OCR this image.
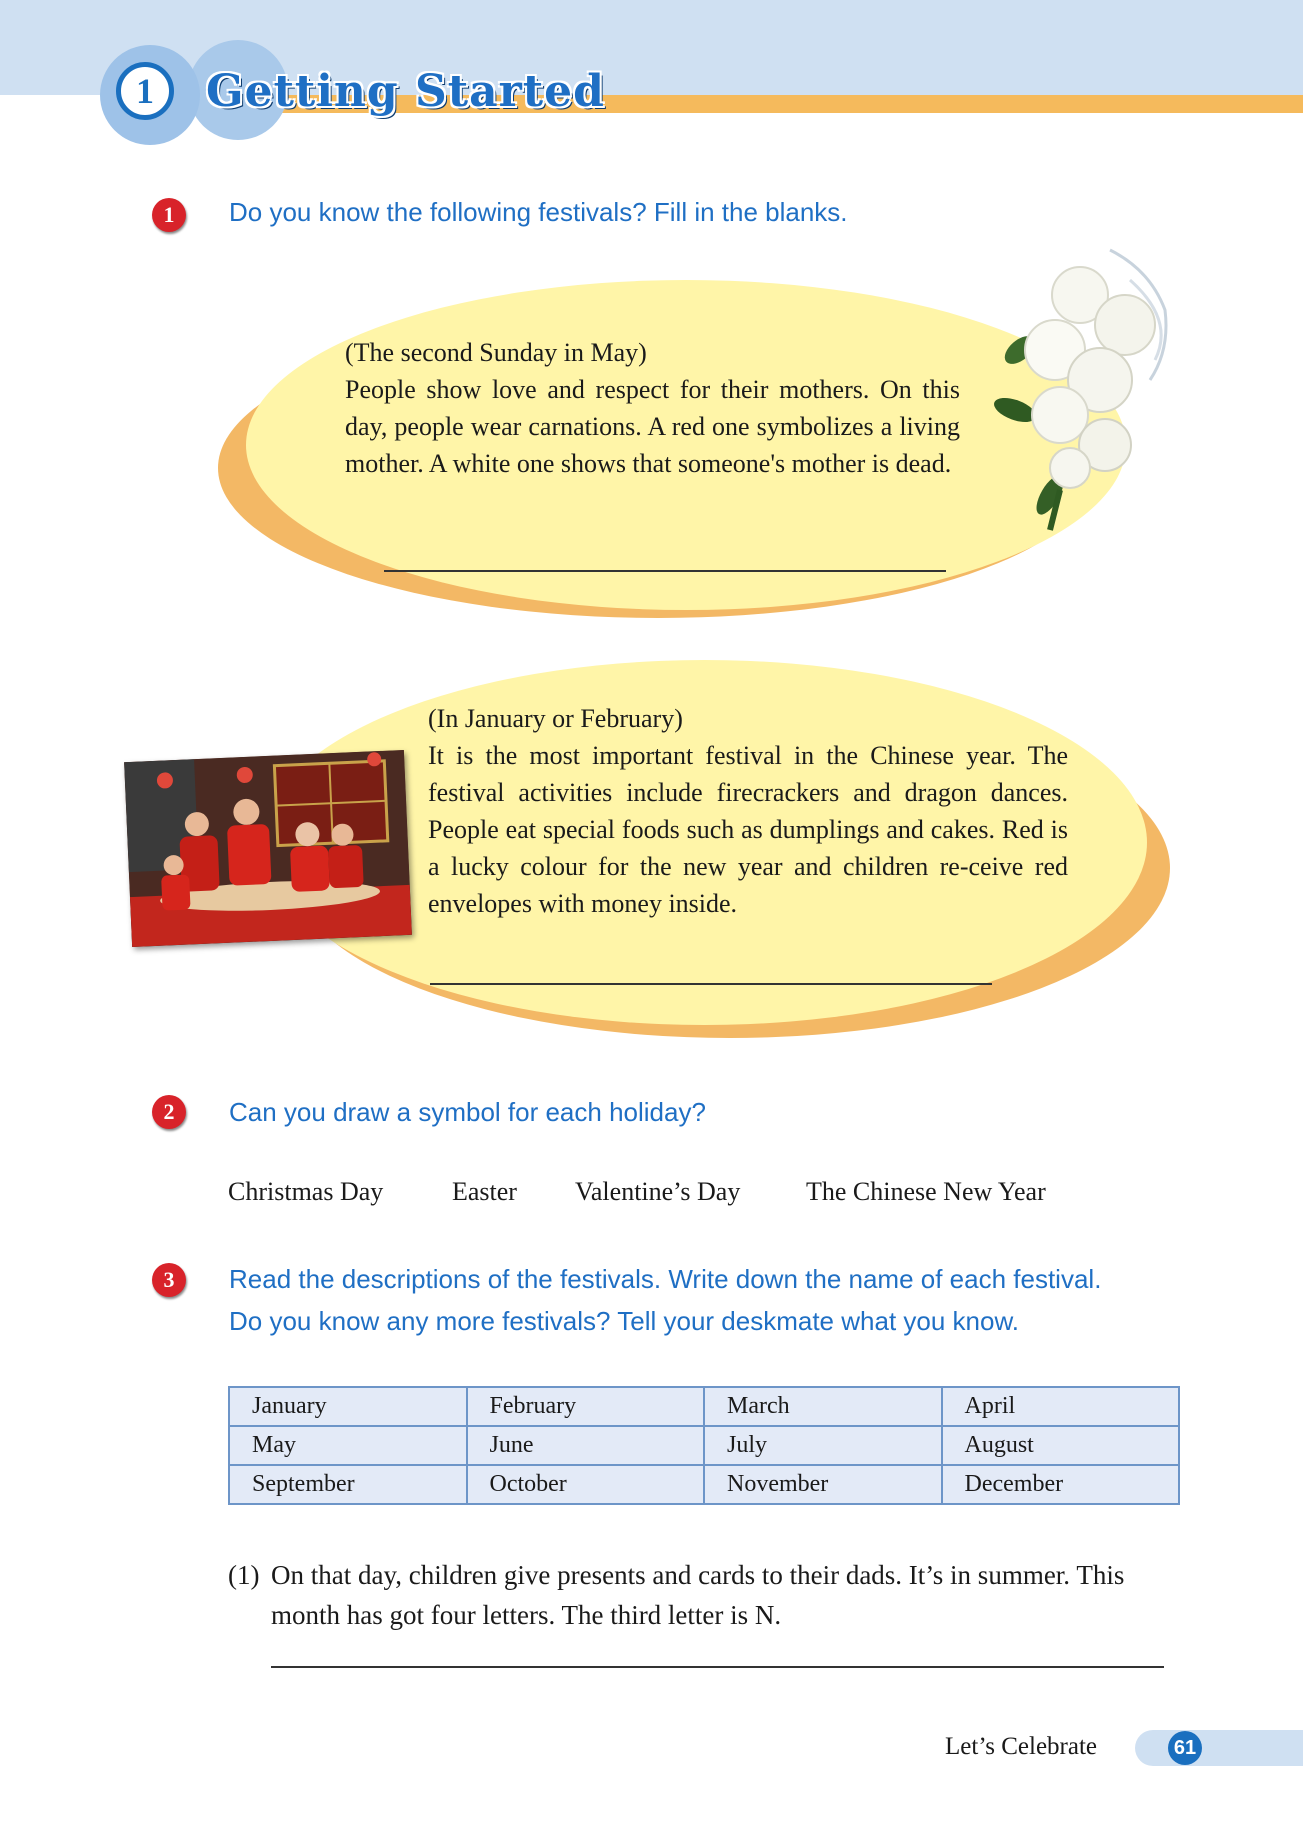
1	Getting Started
1	Do you know the following festivals? Fill in the blanks.
(The second Sunday in May)
People show love and respect for their mothers. On this day, people wear carnations. A red one symbolizes a living mother. A white one shows that someone's mother is dead.
(In January or February)
It is the most important festival in the Chinese year. The festival activities include firecrackers and dragon dances. People eat special foods such as dumplings and cakes. Red is a lucky colour for the new year and children re-ceive red envelopes with money inside.
2	Can you draw a symbol for each holiday?
Christmas Day	Easter Valentine’s Day	The Chinese New Year
3	Read the descriptions of the festivals. Write down the name of each festival.
Do you know any more festivals? Tell your deskmate what you know.
January	February	March	April
May	June	July	August
September	October	November	December
(1) On that day, children give presents and cards to their dads. It’s in summer. This
month has got four letters. The third letter is N.
Let’s Celebrate	61
